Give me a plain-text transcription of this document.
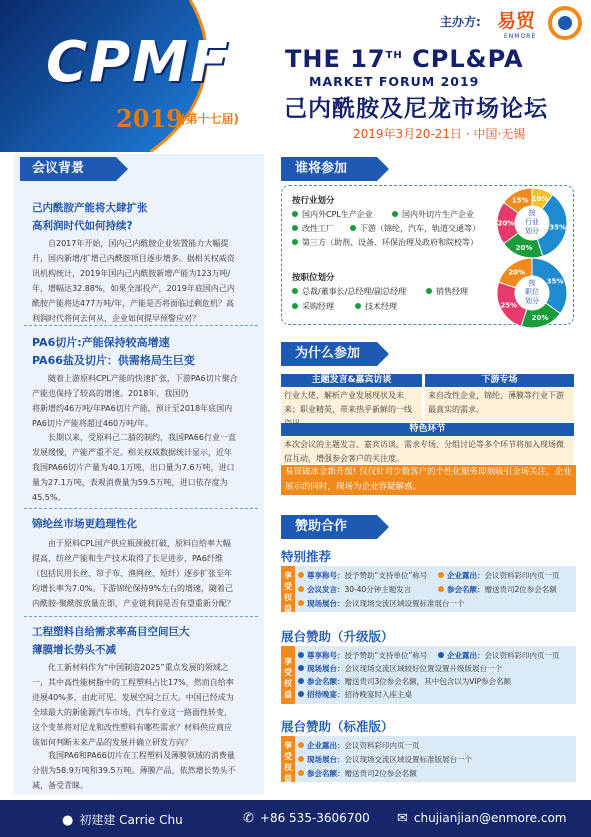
CPMF
2019
(第十七届)
主办方: 易贸
ENMORE
THE 17TH CPL&PA
MARKET FORUM 2019
己内酰胺及尼龙市场论坛
2019年3月20-21日 · 中国·无锡
会议背景
己内酰胺产能将大肆扩张
高利润时代如何持续?
自2017年开始，国内己内酰胺企业装置能力大幅提
升，国内新增/扩增己内酰胺项目逐步增多。据相关权威资
讯机构统计，2019年国内己内酰胺新增产能为123万吨/
年，增幅达32.88%，如果全部投产，2019年底国内己内
酰胺产能将达477万吨/年，产能是否将面临过剩危机？高
利润时代将何去何从，企业如何提早预警应对？
PA6切片:产能保持较高增速
PA66盐及切片：供需格局生巨变
随着上游原料CPL产能的快速扩张，下游PA6切片聚合
产能也保持了较高的增速。2018年，我国仍
将新增约46万吨/年PA6切片产能，预计至2018年底国内
PA6切片产能将超过460万吨/年。
长期以来，受原料己二腈的制约，我国PA66行业一直
发展缓慢，产能严重不足。相关权威数据统计显示，近年
我国PA66切片产量为40.1万吨，出口量为7.6万吨，进口
量为27.1万吨，表观消费量为59.5万吨，进口依存度为
45.5%。
锦纶丝市场更趋理性化
由于原料CPL国产供应瓶颈被打破，原料自给率大幅
提高，纺丝产能和生产技术取得了长足进步，PA6纤维
（包括民用长丝、帘子布、渔网丝、短纤）逐步扩张至年
均增长率为7.0%。下游锦纶保持9%左右的增速，随着己
内酰胺-聚酰胺放量在即，产业链利润是否有望重新分配？
工程塑料自给需求率高目空间巨大
薄膜增长势头不减
化工新材料作为“中国制造2025”重点发展的领域之
一，其中高性能树脂中的工程塑料占比17%，然而自给率
进展40%多，由此可见，发展空间之巨大。中国已经成为
全球最大的新能源汽车市场，汽车行业这一路面性转变，
这个变革将对尼龙和改性塑料有哪些需求？材料供应商应
该如何判断未来产品的发展并确立研发方向？
我国PA6和PA66切片在工程塑料及薄膜领域的消费量
分别为58.9万吨和39.5万吨。薄膜产品，依然增长势头不
减，备受青睐。
谁将参加
按行业划分
国内外CPL生产企业	国内外切片生产企业
改性工厂	下游（锦纶，汽车，轨道交通等）
第三方（助剂、设备、环保治理及政府和院校等）
按职位划分
总裁/董事长/总经理/副总经理	销售经理
采购经理	技术经理
10%
35%
20%
20%
15%
按
行业
划分
35%
20%
25%
20%
按
职位
划分
为什么参加
主题发言&嘉宾访谈	下游专场
行业大佬，解析产业发展现状及未来；职业精英，带来热乎新鲜的一线
来自改性企业，锦纶，薄膜等行业下游最真实的需求。
特色环节
本次会议的主题发言、嘉宾访谈、需求专场、分组讨论等多个环节将加入现场微信互动，增强参会客户的关注度。
易贸破冰全新升级! 仅仅针对少数客户的个性化服务即刻吸引全场关注，企业展示的同时，现场为企业容疑解惑。
赞助合作
特别推荐
享受权益
尊享称号：授予赞助“支持单位”称号	企业露出：会议资料彩印内页一页
会议发言：30-40分钟主题发言	参会名额：赠送贵司2位参会名额
现场展台：会议现场交流区域设置标准展台一个
展台赞助（升级版）
享受权益
尊享称号：授予赞助“支持单位”称号	企业露出：会议资料彩印内页一页
现场展台：会议现场交流区域较好位置设置升级版展台一个
参会名额：赠送贵司3位参会名额，其中包含以为VIP参会名额
招待晚宴：招待晚宴时入座主桌
展台赞助（标准版）
享受权益
企业露出：会议资料彩印内页一页
现场展台：会议现场交流区域设置标准版展台一个
参会名额：赠送贵司2位参会名额
● 初建建 Carrie Chu	✆ +86 535-3606700 ✉ chujianjian@enmore.com
